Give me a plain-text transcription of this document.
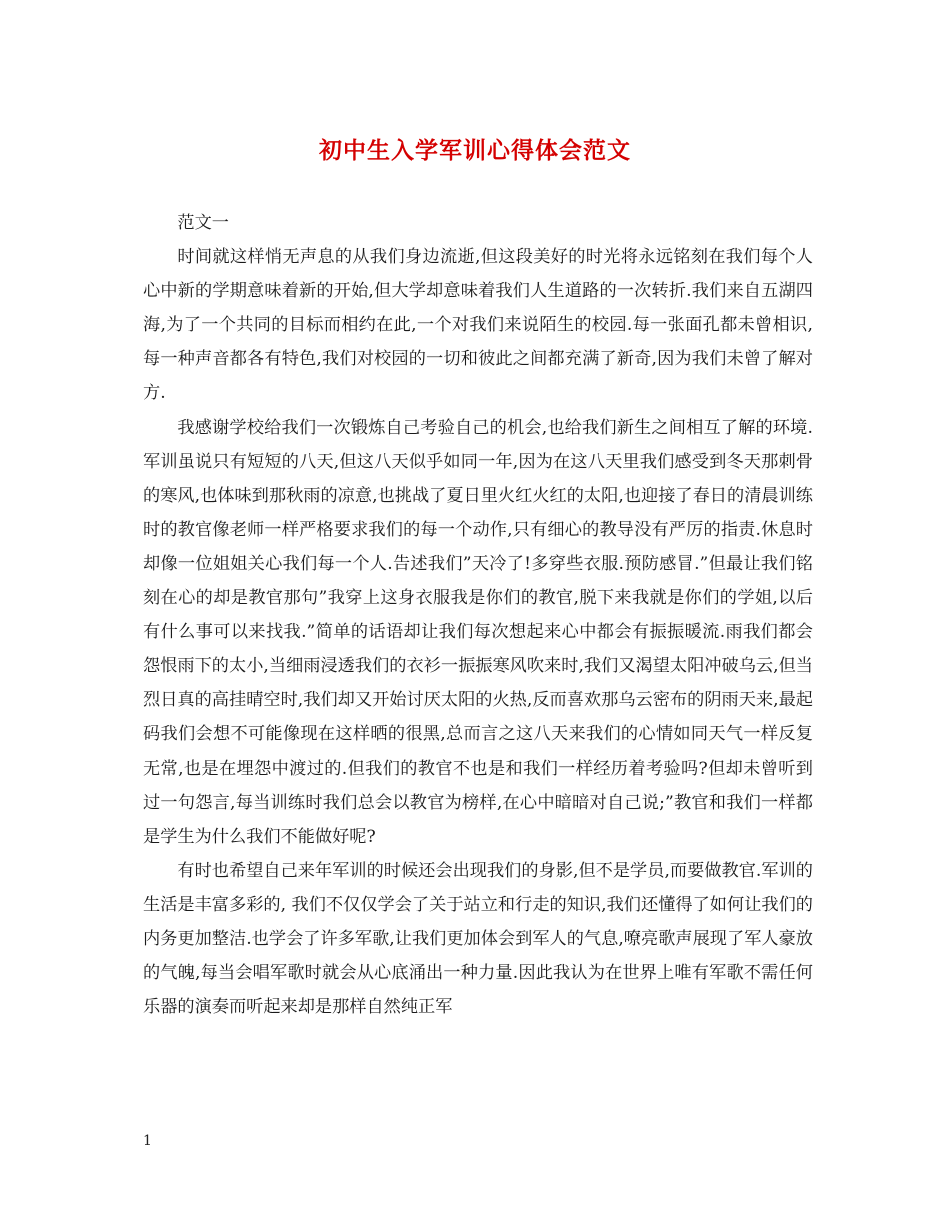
初中生入学军训心得体会范文

范文一

时间就这样悄无声息的从我们身边流逝,但这段美好的时光将永远铭刻在我们每个人心中新的学期意味着新的开始,但大学却意味着我们人生道路的一次转折.我们来自五湖四海,为了一个共同的目标而相约在此,一个对我们来说陌生的校园.每一张面孔都未曾相识,每一种声音都各有特色,我们对校园的一切和彼此之间都充满了新奇,因为我们未曾了解对方.

我感谢学校给我们一次锻炼自己考验自己的机会,也给我们新生之间相互了解的环境.军训虽说只有短短的八天,但这八天似乎如同一年,因为在这八天里我们感受到冬天那刺骨的寒风,也体味到那秋雨的凉意,也挑战了夏日里火红火红的太阳,也迎接了春日的清晨训练时的教官像老师一样严格要求我们的每一个动作,只有细心的教导没有严厉的指责.休息时却像一位姐姐关心我们每一个人.告述我们”天冷了!多穿些衣服.预防感冒.”但最让我们铭刻在心的却是教官那句”我穿上这身衣服我是你们的教官,脱下来我就是你们的学姐,以后有什么事可以来找我.”简单的话语却让我们每次想起来心中都会有振振暖流.雨我们都会怨恨雨下的太小,当细雨浸透我们的衣衫一振振寒风吹来时,我们又渴望太阳冲破乌云,但当烈日真的高挂晴空时,我们却又开始讨厌太阳的火热,反而喜欢那乌云密布的阴雨天来,最起码我们会想不可能像现在这样晒的很黑,总而言之这八天来我们的心情如同天气一样反复无常,也是在埋怨中渡过的.但我们的教官不也是和我们一样经历着考验吗?但却未曾听到过一句怨言,每当训练时我们总会以教官为榜样,在心中暗暗对自己说;”教官和我们一样都是学生为什么我们不能做好呢?

有时也希望自己来年军训的时候还会出现我们的身影,但不是学员,而要做教官.军训的生活是丰富多彩的, 我们不仅仅学会了关于站立和行走的知识,我们还懂得了如何让我们的内务更加整洁.也学会了许多军歌,让我们更加体会到军人的气息,嘹亮歌声展现了军人豪放的气魄,每当会唱军歌时就会从心底涌出一种力量.因此我认为在世界上唯有军歌不需任何乐器的演奏而听起来却是那样自然纯正军

1
